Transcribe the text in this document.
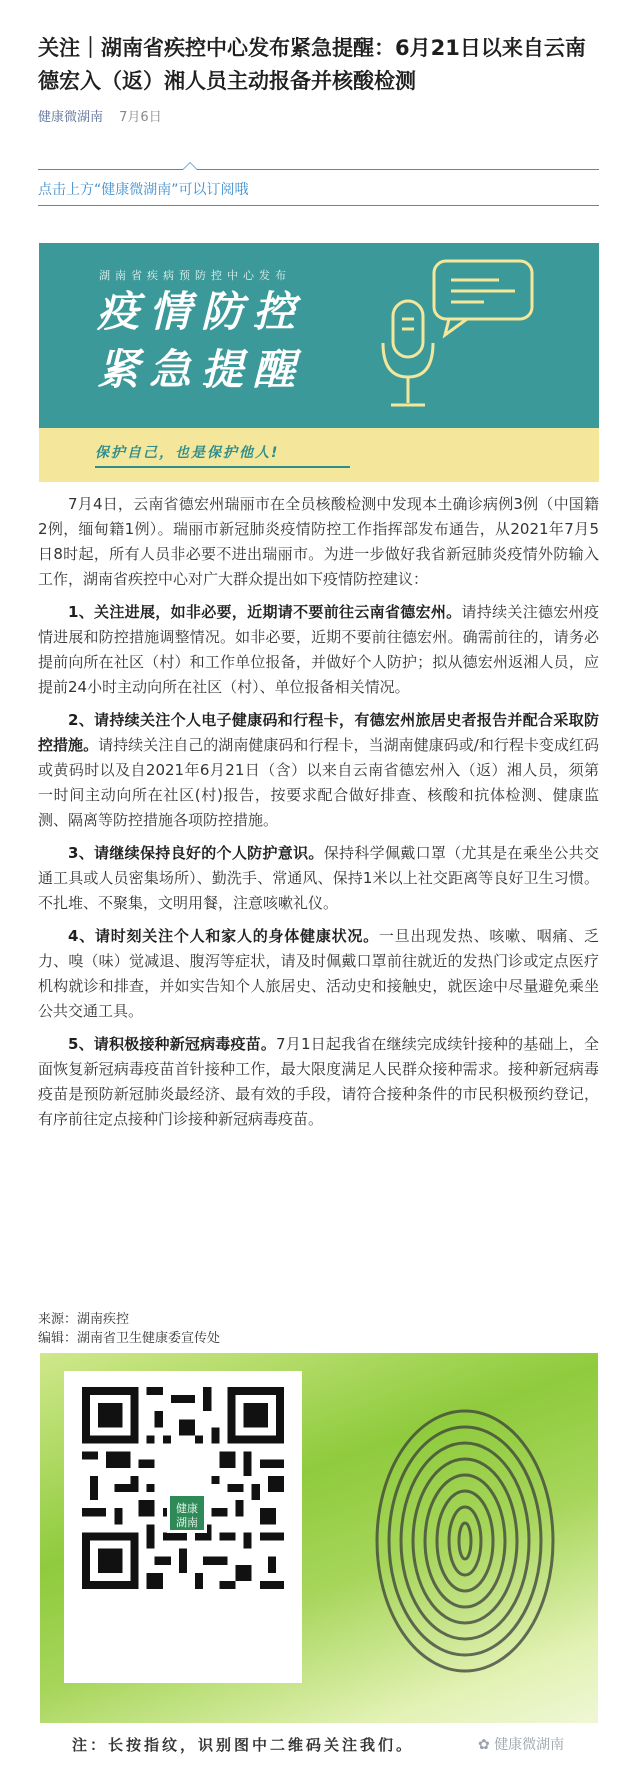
关注｜湖南省疾控中心发布紧急提醒：6月21日以来自云南德宏入（返）湘人员主动报备并核酸检测
健康微湖南 7月6日
点击上方“健康微湖南”可以订阅哦
湖南省疾病预防控中心发布
疫情防控
紧急提醒
保护自己，也是保护他人!

7月4日，云南省德宏州瑞丽市在全员核酸检测中发现本土确诊病例3例（中国籍2例，缅甸籍1例）。瑞丽市新冠肺炎疫情防控工作指挥部发布通告，从2021年7月5日8时起，所有人员非必要不进出瑞丽市。为进一步做好我省新冠肺炎疫情外防输入工作，湖南省疾控中心对广大群众提出如下疫情防控建议：

1、关注进展，如非必要，近期请不要前往云南省德宏州。请持续关注德宏州疫情进展和防控措施调整情况。如非必要，近期不要前往德宏州。确需前往的，请务必提前向所在社区（村）和工作单位报备，并做好个人防护；拟从德宏州返湘人员，应提前24小时主动向所在社区（村）、单位报备相关情况。

2、请持续关注个人电子健康码和行程卡，有德宏州旅居史者报告并配合采取防控措施。请持续关注自己的湖南健康码和行程卡，当湖南健康码或/和行程卡变成红码或黄码时以及自2021年6月21日（含）以来自云南省德宏州入（返）湘人员，须第一时间主动向所在社区(村)报告，按要求配合做好排查、核酸和抗体检测、健康监测、隔离等防控措施各项防控措施。

3、请继续保持良好的个人防护意识。保持科学佩戴口罩（尤其是在乘坐公共交通工具或人员密集场所）、勤洗手、常通风、保持1米以上社交距离等良好卫生习惯。不扎堆、不聚集，文明用餐，注意咳嗽礼仪。

4、请时刻关注个人和家人的身体健康状况。一旦出现发热、咳嗽、咽痛、乏力、嗅（味）觉减退、腹泻等症状，请及时佩戴口罩前往就近的发热门诊或定点医疗机构就诊和排查，并如实告知个人旅居史、活动史和接触史，就医途中尽量避免乘坐公共交通工具。

5、请积极接种新冠病毒疫苗。7月1日起我省在继续完成续针接种的基础上，全面恢复新冠病毒疫苗首针接种工作，最大限度满足人民群众接种需求。接种新冠病毒疫苗是预防新冠肺炎最经济、最有效的手段，请符合接种条件的市民积极预约登记，有序前往定点接种门诊接种新冠病毒疫苗。

来源：湖南疾控
编辑：湖南省卫生健康委宣传处
健康
湖南
注：长按指纹，识别图中二维码关注我们。	✿ 健康微湖南
